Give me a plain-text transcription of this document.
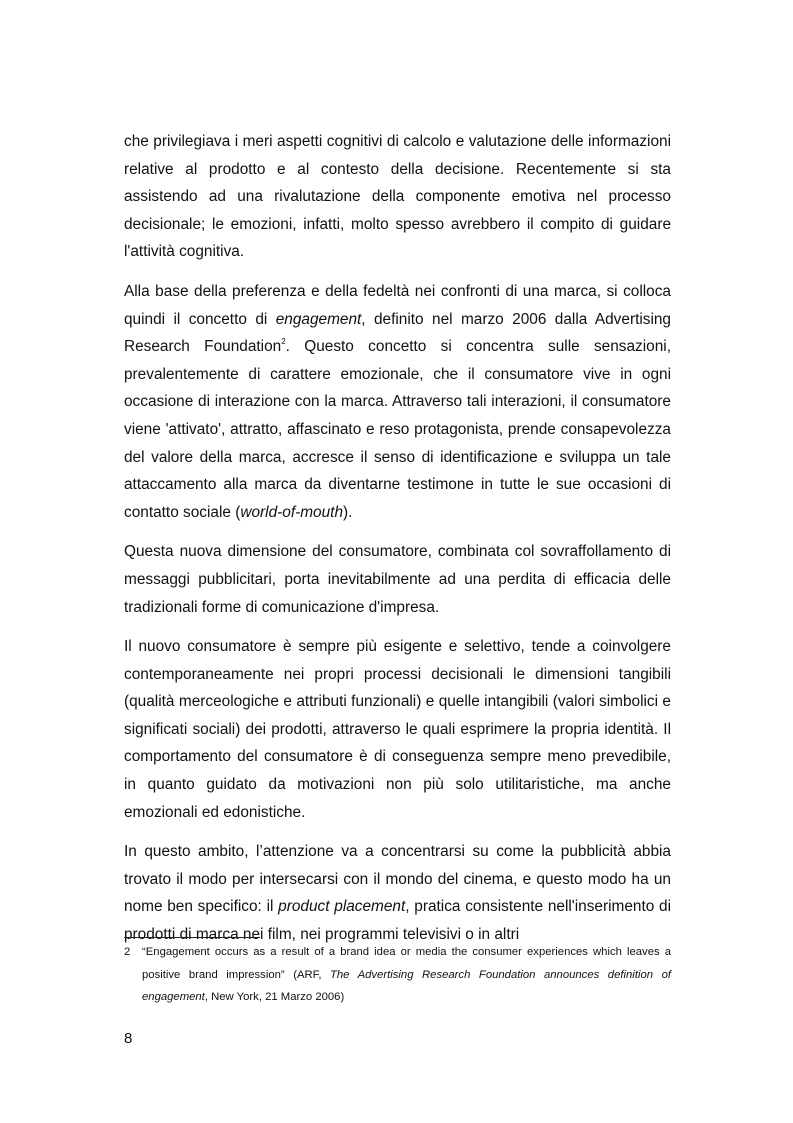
che privilegiava i meri aspetti cognitivi di calcolo e valutazione delle informazioni relative al prodotto e al contesto della decisione. Recentemente si sta assistendo ad una rivalutazione della componente emotiva nel processo decisionale; le emozioni, infatti, molto spesso avrebbero il compito di guidare l'attività cognitiva.

Alla base della preferenza e della fedeltà nei confronti di una marca, si colloca quindi il concetto di engagement, definito nel marzo 2006 dalla Advertising Research Foundation$^2$. Questo concetto si concentra sulle sensazioni, prevalentemente di carattere emozionale, che il consumatore vive in ogni occasione di interazione con la marca. Attraverso tali interazioni, il consumatore viene 'attivato', attratto, affascinato e reso protagonista, prende consapevolezza del valore della marca, accresce il senso di identificazione e sviluppa un tale attaccamento alla marca da diventarne testimone in tutte le sue occasioni di contatto sociale (world-of-mouth).

Questa nuova dimensione del consumatore, combinata col sovraffollamento di messaggi pubblicitari, porta inevitabilmente ad una perdita di efficacia delle tradizionali forme di comunicazione d'impresa.

Il nuovo consumatore è sempre più esigente e selettivo, tende a coinvolgere contemporaneamente nei propri processi decisionali le dimensioni tangibili (qualità merceologiche e attributi funzionali) e quelle intangibili (valori simbolici e significati sociali) dei prodotti, attraverso le quali esprimere la propria identità. Il comportamento del consumatore è di conseguenza sempre meno prevedibile, in quanto guidato da motivazioni non più solo utilitaristiche, ma anche emozionali ed edonistiche.

In questo ambito, l’attenzione va a concentrarsi su come la pubblicità abbia trovato il modo per intersecarsi con il mondo del cinema, e questo modo ha un nome ben specifico: il product placement, pratica consistente nell'inserimento di prodotti di marca nei film, nei programmi televisivi o in altri

2 “Engagement occurs as a result of a brand idea or media the consumer experiences which leaves a positive brand impression” (ARF, The Advertising Research Foundation announces definition of engagement, New York, 21 Marzo 2006)
8
